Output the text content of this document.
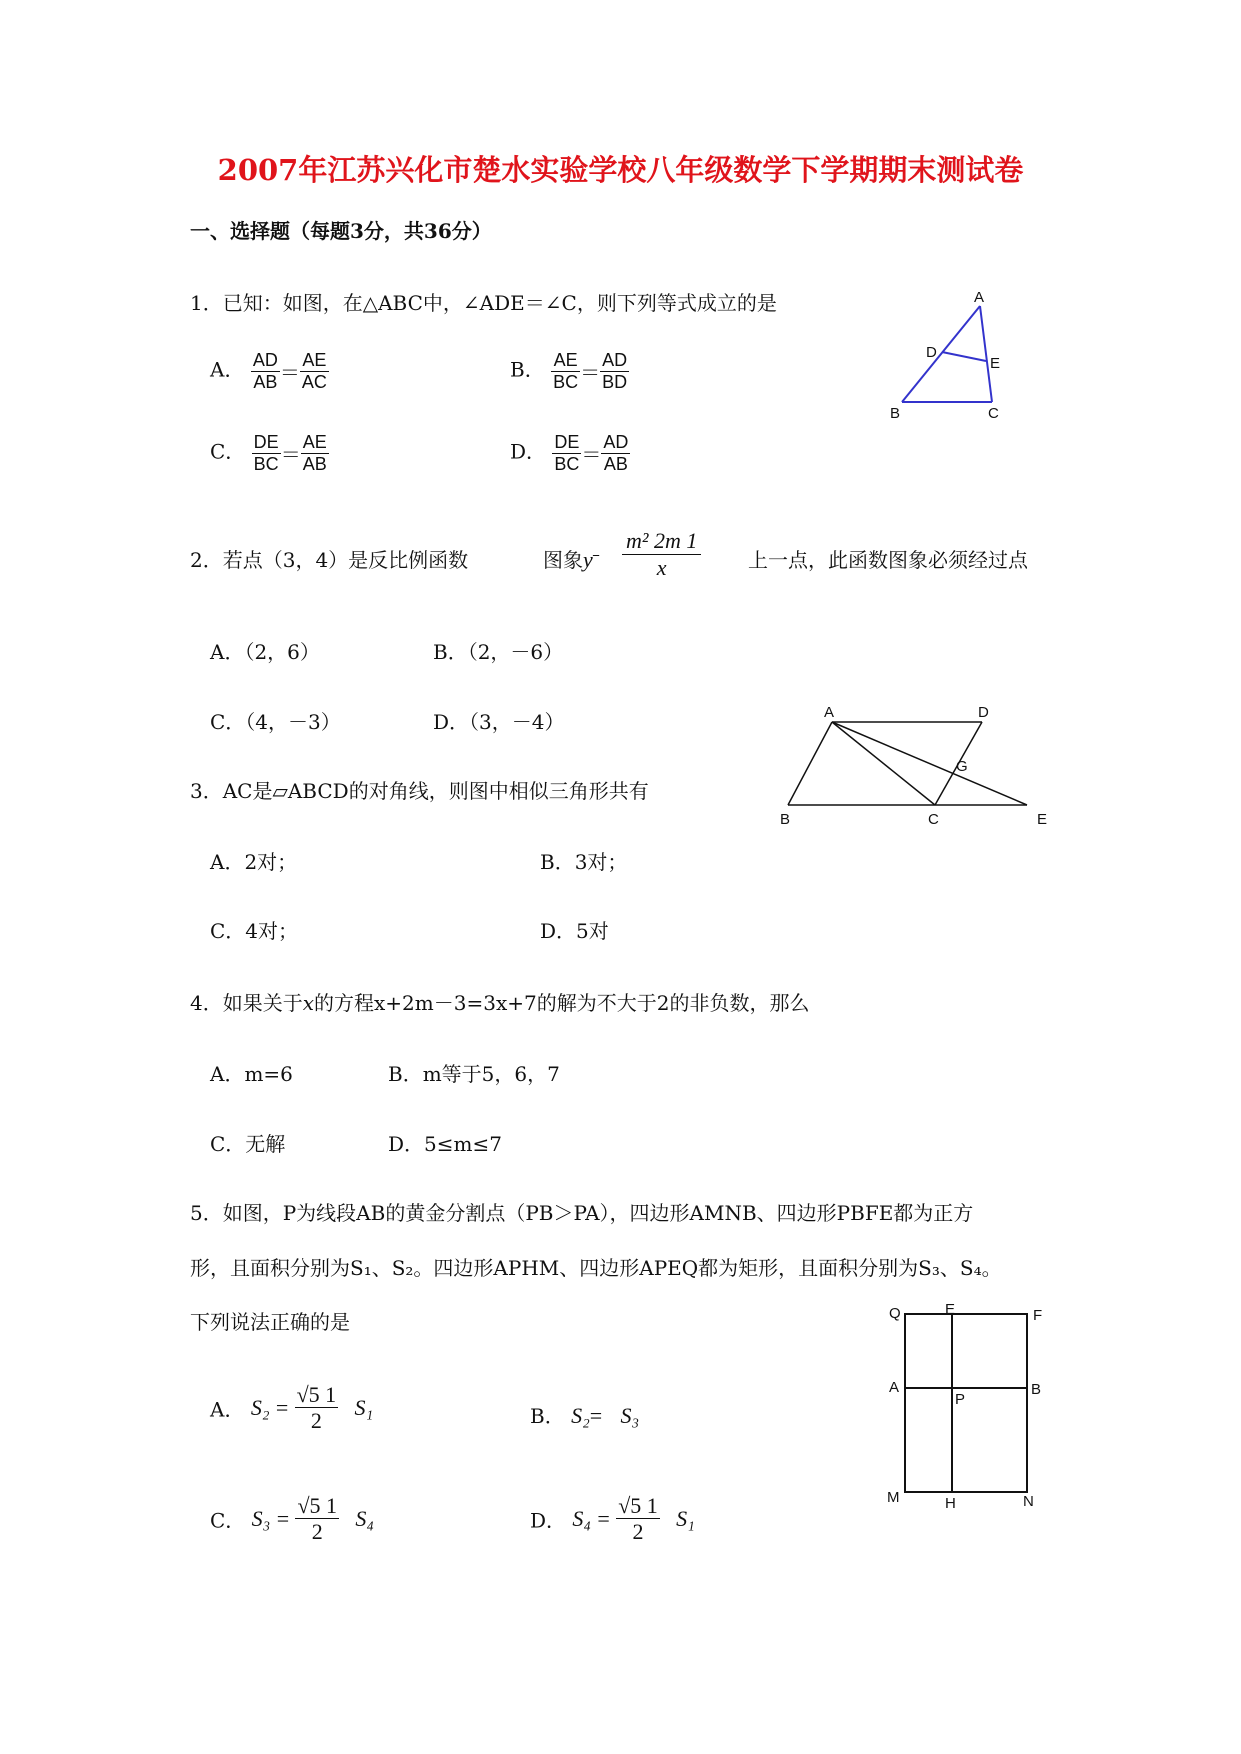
2007年江苏兴化市楚水实验学校八年级数学下学期期末测试卷
一、选择题（每题3分，共36分）
1．已知：如图，在△ABC中，∠ADE＝∠C，则下列等式成立的是
A． $\frac{AD}{AB} = \frac{AE}{AC}$	B． $\frac{AE}{BC} = \frac{AD}{BD}$
C． $\frac{DE}{BC} = \frac{AE}{AB}$	D． $\frac{DE}{BC} = \frac{AD}{AB}$
A
D
E
B	C
2．若点（3，4）是反比例函数	图象$y^ⲻ$
m² 2m 1
x	上一点，此函数图象必须经过点
A．（2，6）	B．（2，－6）
C．（4，－3）	D．（3，－4）	A	D
G
B	C	E
3．AC是▱ABCD的对角线，则图中相似三角形共有
A．2对；	B．3对；
C．4对；	D．5对
4．如果关于x的方程x+2m－3=3x+7的解为不大于2的非负数，那么
A．m=6	B．m等于5，6，7
C．无解	D．5≤m≤7
5．如图，P为线段AB的黄金分割点（PB＞PA），四边形AMNB、四边形PBFE都为正方
形，且面积分别为S₁、S₂。四边形APHM、四边形APEQ都为矩形，且面积分别为S₃、S₄。
下列说法正确的是
A． $S_2 = \frac{√5 1}{2} S_1$	B． S₂= S₃
C． $S_3 = \frac{√5 1}{2} S_4$	D． $S_4 = \frac{√5 1}{2} S_1$
Q	E	F
A
P
B
M	H	N
